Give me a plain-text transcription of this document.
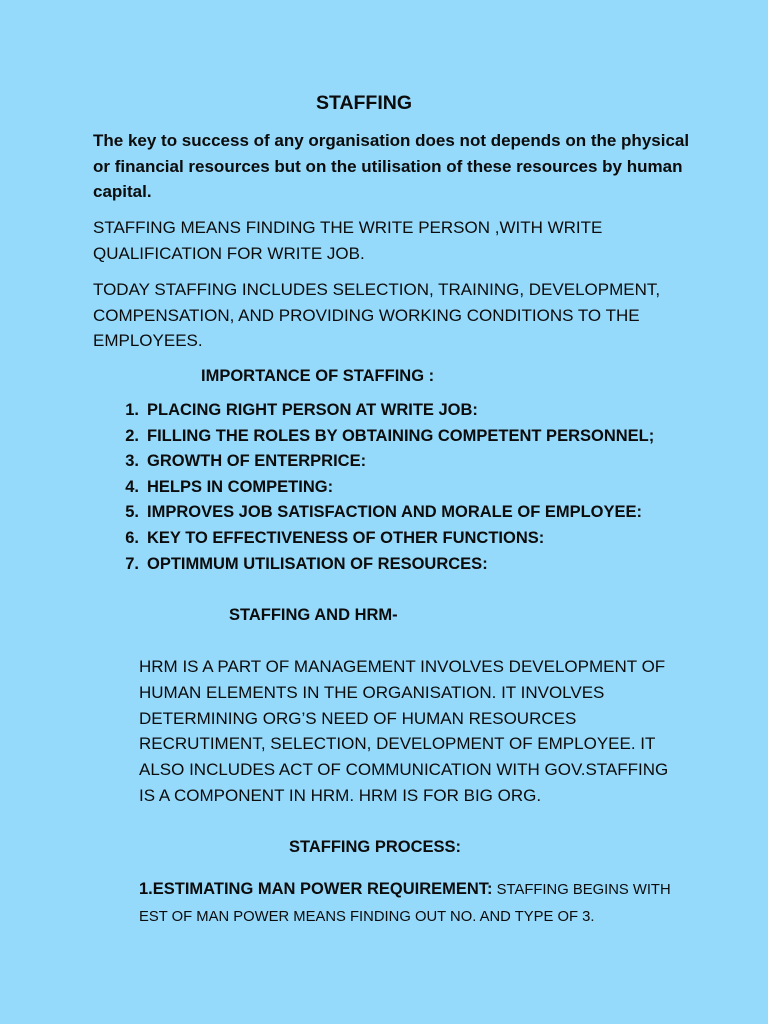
STAFFING

The key to success of any organisation does not depends on the physical or financial resources but on the utilisation of these resources by human capital.

STAFFING MEANS FINDING THE WRITE PERSON ,WITH WRITE QUALIFICATION FOR WRITE JOB.

TODAY STAFFING INCLUDES SELECTION, TRAINING, DEVELOPMENT, COMPENSATION, AND PROVIDING WORKING CONDITIONS TO THE EMPLOYEES.

IMPORTANCE OF STAFFING :
1. PLACING RIGHT PERSON AT WRITE JOB:
2. FILLING THE ROLES BY OBTAINING COMPETENT PERSONNEL;
3. GROWTH OF ENTERPRICE:
4. HELPS IN COMPETING:
5. IMPROVES JOB SATISFACTION AND MORALE OF EMPLOYEE:
6. KEY TO EFFECTIVENESS OF OTHER FUNCTIONS:
7. OPTIMMUM UTILISATION OF RESOURCES:
STAFFING AND HRM-

HRM IS A PART OF MANAGEMENT INVOLVES DEVELOPMENT OF HUMAN ELEMENTS IN THE ORGANISATION. IT INVOLVES DETERMINING ORG’S NEED OF HUMAN RESOURCES RECRUTIMENT, SELECTION, DEVELOPMENT OF EMPLOYEE. IT ALSO INCLUDES ACT OF COMMUNICATION WITH GOV.STAFFING IS A COMPONENT IN HRM. HRM IS FOR BIG ORG.

STAFFING PROCESS:

1.ESTIMATING MAN POWER REQUIREMENT: STAFFING BEGINS WITH EST OF MAN POWER MEANS FINDING OUT NO. AND TYPE OF 3.
